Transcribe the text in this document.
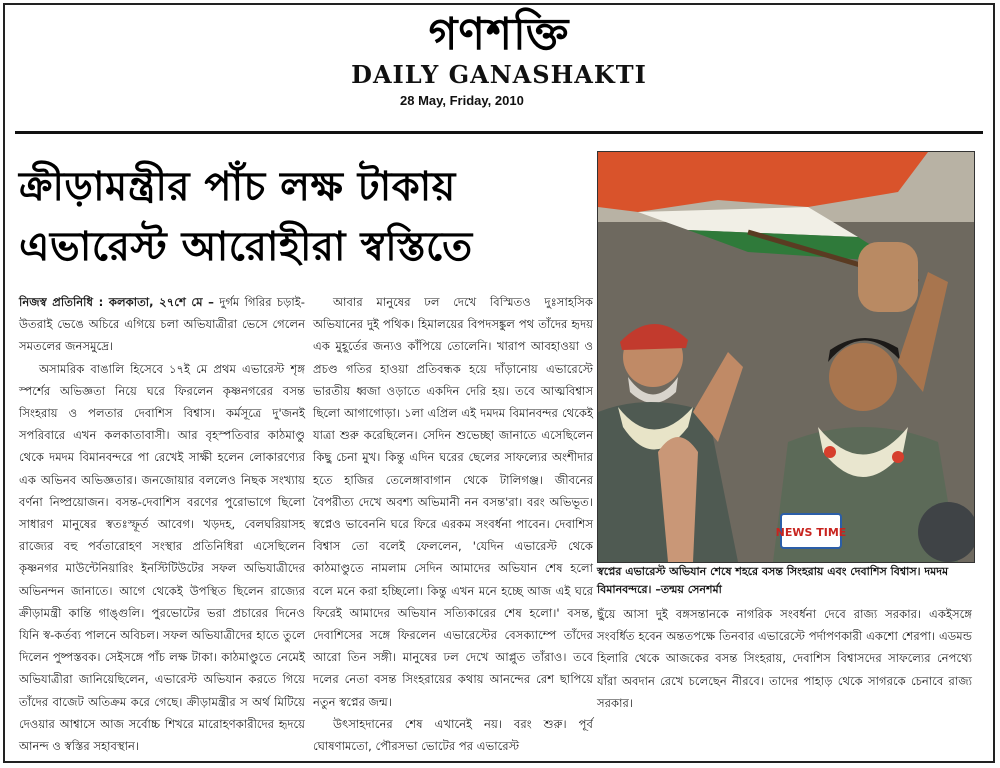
গণশক্তি
DAILY GANASHAKTI
28 May, Friday, 2010
ক্রীড়ামন্ত্রীর পাঁচ লক্ষ টাকায়
এভারেস্ট আরোহীরা স্বস্তিতে

নিজস্ব প্রতিনিধি : কলকাতা, ২৭শে মে – দুর্গম গিরির চড়াই-উতরাই ভেঙে অচিরে এগিয়ে চলা অভিযাত্রীরা ভেসে গেলেন সমতলের জনসমুদ্রে।

অসামরিক বাঙালি হিসেবে ১৭ই মে প্রথম এভারেস্ট শৃঙ্গ স্পর্শের অভিজ্ঞতা নিয়ে ঘরে ফিরলেন কৃষ্ণনগরের বসন্ত সিংহরায় ও পলতার দেবাশিস বিশ্বাস। কর্মসূত্রে দু'জনই সপরিবারে এখন কলকাতাবাসী। আর বৃহস্পতিবার কাঠমাণ্ডু থেকে দমদম বিমানবন্দরে পা রেখেই সাক্ষী হলেন লোকারণ্যের এক অভিনব অভিজ্ঞতার। জনজোয়ার বললেও নিছক সংখ্যায় বর্ণনা নিষ্প্রয়োজন। বসন্ত-দেবাশিস বরণের পুরোভাগে ছিলো সাধারণ মানুষের স্বতঃস্ফূর্ত আবেগ। খড়দহ, বেলঘরিয়াসহ রাজ্যের বহু পর্বতারোহণ সংস্থার প্রতিনিধিরা এসেছিলেন কৃষ্ণনগর মাউন্টেনিয়ারিং ইনস্টিটিউটের সফল অভিযাত্রীদের অভিনন্দন জানাতে। আগে থেকেই উপস্থিত ছিলেন রাজ্যের ক্রীড়ামন্ত্রী কান্তি গাঙ্গুলি। পুরভোটের ভরা প্রচারের দিনেও যিনি স্ব-কর্তব্য পালনে অবিচল। সফল অভিযাত্রীদের হাতে তুলে দিলেন পুষ্পস্তবক। সেইসঙ্গে পাঁচ লক্ষ টাকা। কাঠমাণ্ডুতে নেমেই অভিযাত্রীরা জানিয়েছিলেন, এভারেস্ট অভিযান করতে গিয়ে তাঁদের বাজেট অতিক্রম করে গেছে। ক্রীড়ামন্ত্রীর স অর্থ মিটিয়ে দেওয়ার আশ্বাসে আজ সর্বোচ্চ শিখরে মারোহণকারীদের হৃদয়ে আনন্দ ও স্বস্তির সহাবস্থান।

আবার মানুষের ঢল দেখে বিস্মিতও দুঃসাহসিক অভিযানের দুই পথিক। হিমালয়ের বিপদসঙ্কুল পথ তাঁদের হৃদয় এক মুহূর্তের জন্যও কাঁপিয়ে তোলেনি। খারাপ আবহাওয়া ও প্রচণ্ড গতির হাওয়া প্রতিবন্ধক হয়ে দাঁড়ানোয় এভারেস্টে ভারতীয় ধ্বজা ওড়াতে একদিন দেরি হয়। তবে আত্মবিশ্বাস ছিলো আগাগোড়া। ১লা এপ্রিল এই দমদম বিমানবন্দর থেকেই যাত্রা শুরু করেছিলেন। সেদিন শুভেচ্ছা জানাতে এসেছিলেন কিছু চেনা মুখ। কিন্তু এদিন ঘরের ছেলের সাফল্যের অংশীদার হতে হাজির তেলেঙ্গাবাগান থেকে টালিগঞ্জ। জীবনের বৈপরীত্য দেখে অবশ্য অভিমানী নন বসন্ত'রা। বরং অভিভূত। স্বপ্নেও ভাবেননি ঘরে ফিরে এরকম সংবর্ধনা পাবেন। দেবাশিস বিশ্বাস তো বলেই ফেললেন, 'যেদিন এভারেস্ট থেকে কাঠমাণ্ডুতে নামলাম সেদিন আমাদের অভিযান শেষ হলো বলে মনে করা হচ্ছিলো। কিন্তু এখন মনে হচ্ছে আজ এই ঘরে ফিরেই আমাদের অভিযান সত্যিকারের শেষ হলো।' বসন্ত, দেবাশিসের সঙ্গে ফিরলেন এভারেস্টের বেসক্যাম্পে তাঁদের আরো তিন সঙ্গী। মানুষের ঢল দেখে আপ্লুত তাঁরাও। তবে দলের নেতা বসন্ত সিংহরায়ের কথায় আনন্দের রেশ ছাপিয়ে নতুন স্বপ্নের জন্ম।

উৎসাহদানের শেষ এখানেই নয়। বরং শুরু। পূর্ব ঘোষণামতো, পৌরসভা ভোটের পর এভারেস্ট

NEWS TIME
স্বপ্নের এভারেস্ট অভিযান শেষে শহরে বসন্ত সিংহরায় এবং দেবাশিস বিশ্বাস। দমদম বিমানবন্দরে। –তন্ময় সেনশর্মা

ছুঁয়ে আসা দুই বঙ্গসন্তানকে নাগরিক সংবর্ধনা দেবে রাজ্য সরকার। একইসঙ্গে সংবর্ধিত হবেন অন্ততপক্ষে তিনবার এভারেস্টে পর্দাপণকারী একশো শেরপা। এডমন্ড হিলারি থেকে আজকের বসন্ত সিংহরায়, দেবাশিস বিশ্বাসদের সাফল্যের নেপথ্যে যাঁরা অবদান রেখে চলেছেন নীরবে। তাদের পাহাড় থেকে সাগরকে চেনাবে রাজ্য সরকার।
